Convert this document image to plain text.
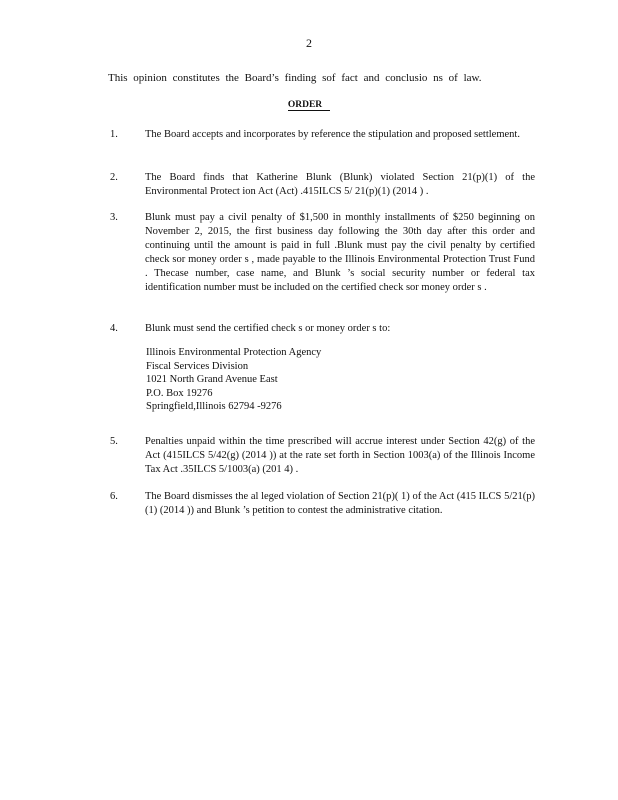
2
This opinion constitutes the Board’s finding sof fact and conclusio ns of law.
ORDER
1.	The Board accepts and incorporates by reference the stipulation and proposed settlement.
2.	The Board finds that Katherine Blunk (Blunk) violated Section 21(p)(1) of the Environmental Protect ion Act (Act) .415ILCS 5/ 21(p)(1) (2014 ) .
3.	Blunk must pay a civil penalty of $1,500 in monthly installments of $250 beginning on November 2, 2015, the first business day following the 30th day after this order and continuing until the amount is paid in full .Blunk must pay the civil penalty by certified check sor money order s , made payable to the Illinois Environmental Protection Trust Fund . Thecase number, case name, and Blunk ’s social security number or federal tax identification number must be included on the certified check sor money order s .
4.	Blunk must send the certified check s or money order s to:
Illinois Environmental Protection Agency
Fiscal Services Division
1021 North Grand Avenue East
P.O. Box 19276
Springfield,Illinois 62794 -9276
5.	Penalties unpaid within the time prescribed will accrue interest under Section 42(g) of the Act (415ILCS 5/42(g) (2014 )) at the rate set forth in Section 1003(a) of the Illinois Income Tax Act .35ILCS 5/1003(a) (201 4) .
6.	The Board dismisses the al leged violation of Section 21(p)( 1) of the Act (415 ILCS 5/21(p)(1) (2014 )) and Blunk ’s petition to contest the administrative citation.
